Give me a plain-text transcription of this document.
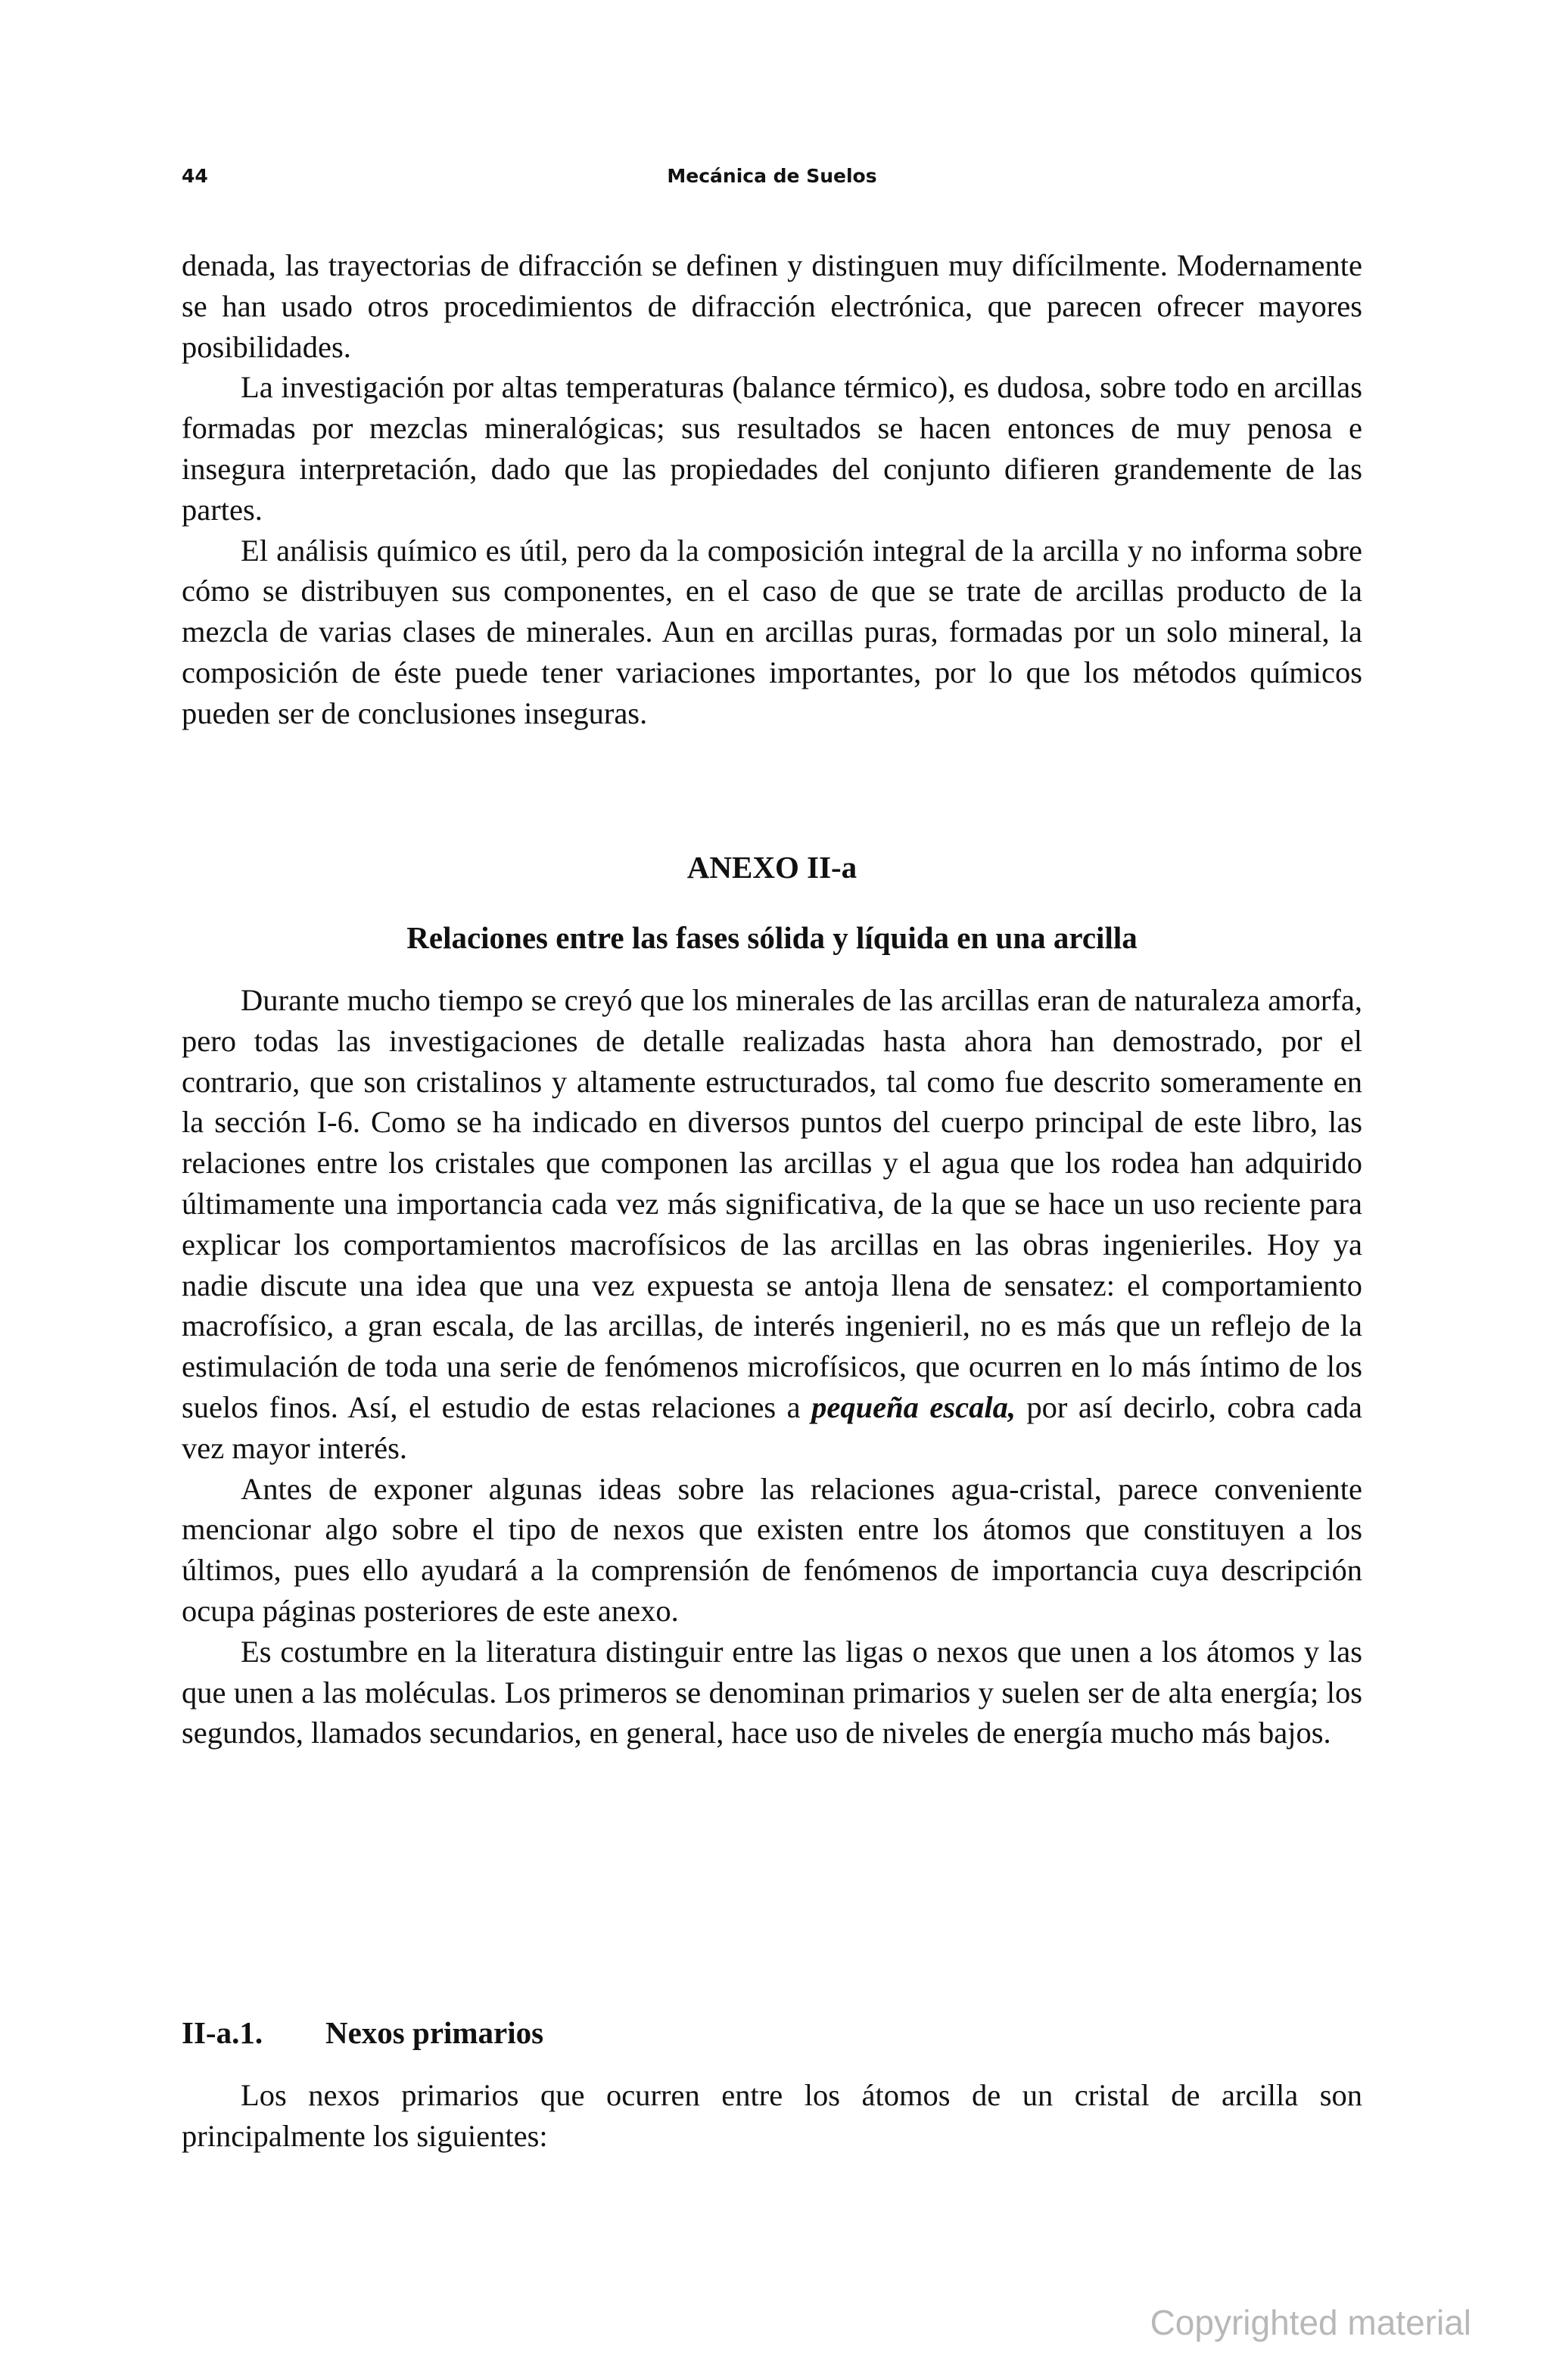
44	Mecánica de Suelos

denada, las trayectorias de difracción se definen y distinguen muy difícilmente. Modernamente se han usado otros procedimientos de difracción electrónica, que parecen ofrecer mayores posibilidades.

La investigación por altas temperaturas (balance térmico), es dudosa, sobre todo en arcillas formadas por mezclas mineralógicas; sus resultados se hacen entonces de muy penosa e insegura interpretación, dado que las propiedades del conjunto difieren grandemente de las partes.

El análisis químico es útil, pero da la composición integral de la arcilla y no informa sobre cómo se distribuyen sus componentes, en el caso de que se trate de arcillas producto de la mezcla de varias clases de minerales. Aun en arcillas puras, formadas por un solo mineral, la composición de éste puede tener variaciones importantes, por lo que los métodos químicos pueden ser de conclusiones inseguras.

ANEXO II-a
Relaciones entre las fases sólida y líquida en una arcilla

Durante mucho tiempo se creyó que los minerales de las arcillas eran de naturaleza amorfa, pero todas las investigaciones de detalle realizadas hasta ahora han demostrado, por el contrario, que son cristalinos y altamente estructurados, tal como fue descrito someramente en la sección I-6. Como se ha indicado en diversos puntos del cuerpo principal de este libro, las relaciones entre los cristales que componen las arcillas y el agua que los rodea han adquirido últimamente una importancia cada vez más significativa, de la que se hace un uso reciente para explicar los comportamientos macrofísicos de las arcillas en las obras ingenieriles. Hoy ya nadie discute una idea que una vez expuesta se antoja llena de sensatez: el comportamiento macrofísico, a gran escala, de las arcillas, de interés ingenieril, no es más que un reflejo de la estimulación de toda una serie de fenómenos microfísicos, que ocurren en lo más íntimo de los suelos finos. Así, el estudio de estas relaciones a pequeña escala, por así decirlo, cobra cada vez mayor interés.

Antes de exponer algunas ideas sobre las relaciones agua-cristal, parece conveniente mencionar algo sobre el tipo de nexos que existen entre los átomos que constituyen a los últimos, pues ello ayudará a la comprensión de fenómenos de importancia cuya descripción ocupa páginas posteriores de este anexo.

Es costumbre en la literatura distinguir entre las ligas o nexos que unen a los átomos y las que unen a las moléculas. Los primeros se denominan primarios y suelen ser de alta energía; los segundos, llamados secundarios, en general, hace uso de niveles de energía mucho más bajos.

II-a.1. Nexos primarios

Los nexos primarios que ocurren entre los átomos de un cristal de arcilla son principalmente los siguientes:

Copyrighted material
